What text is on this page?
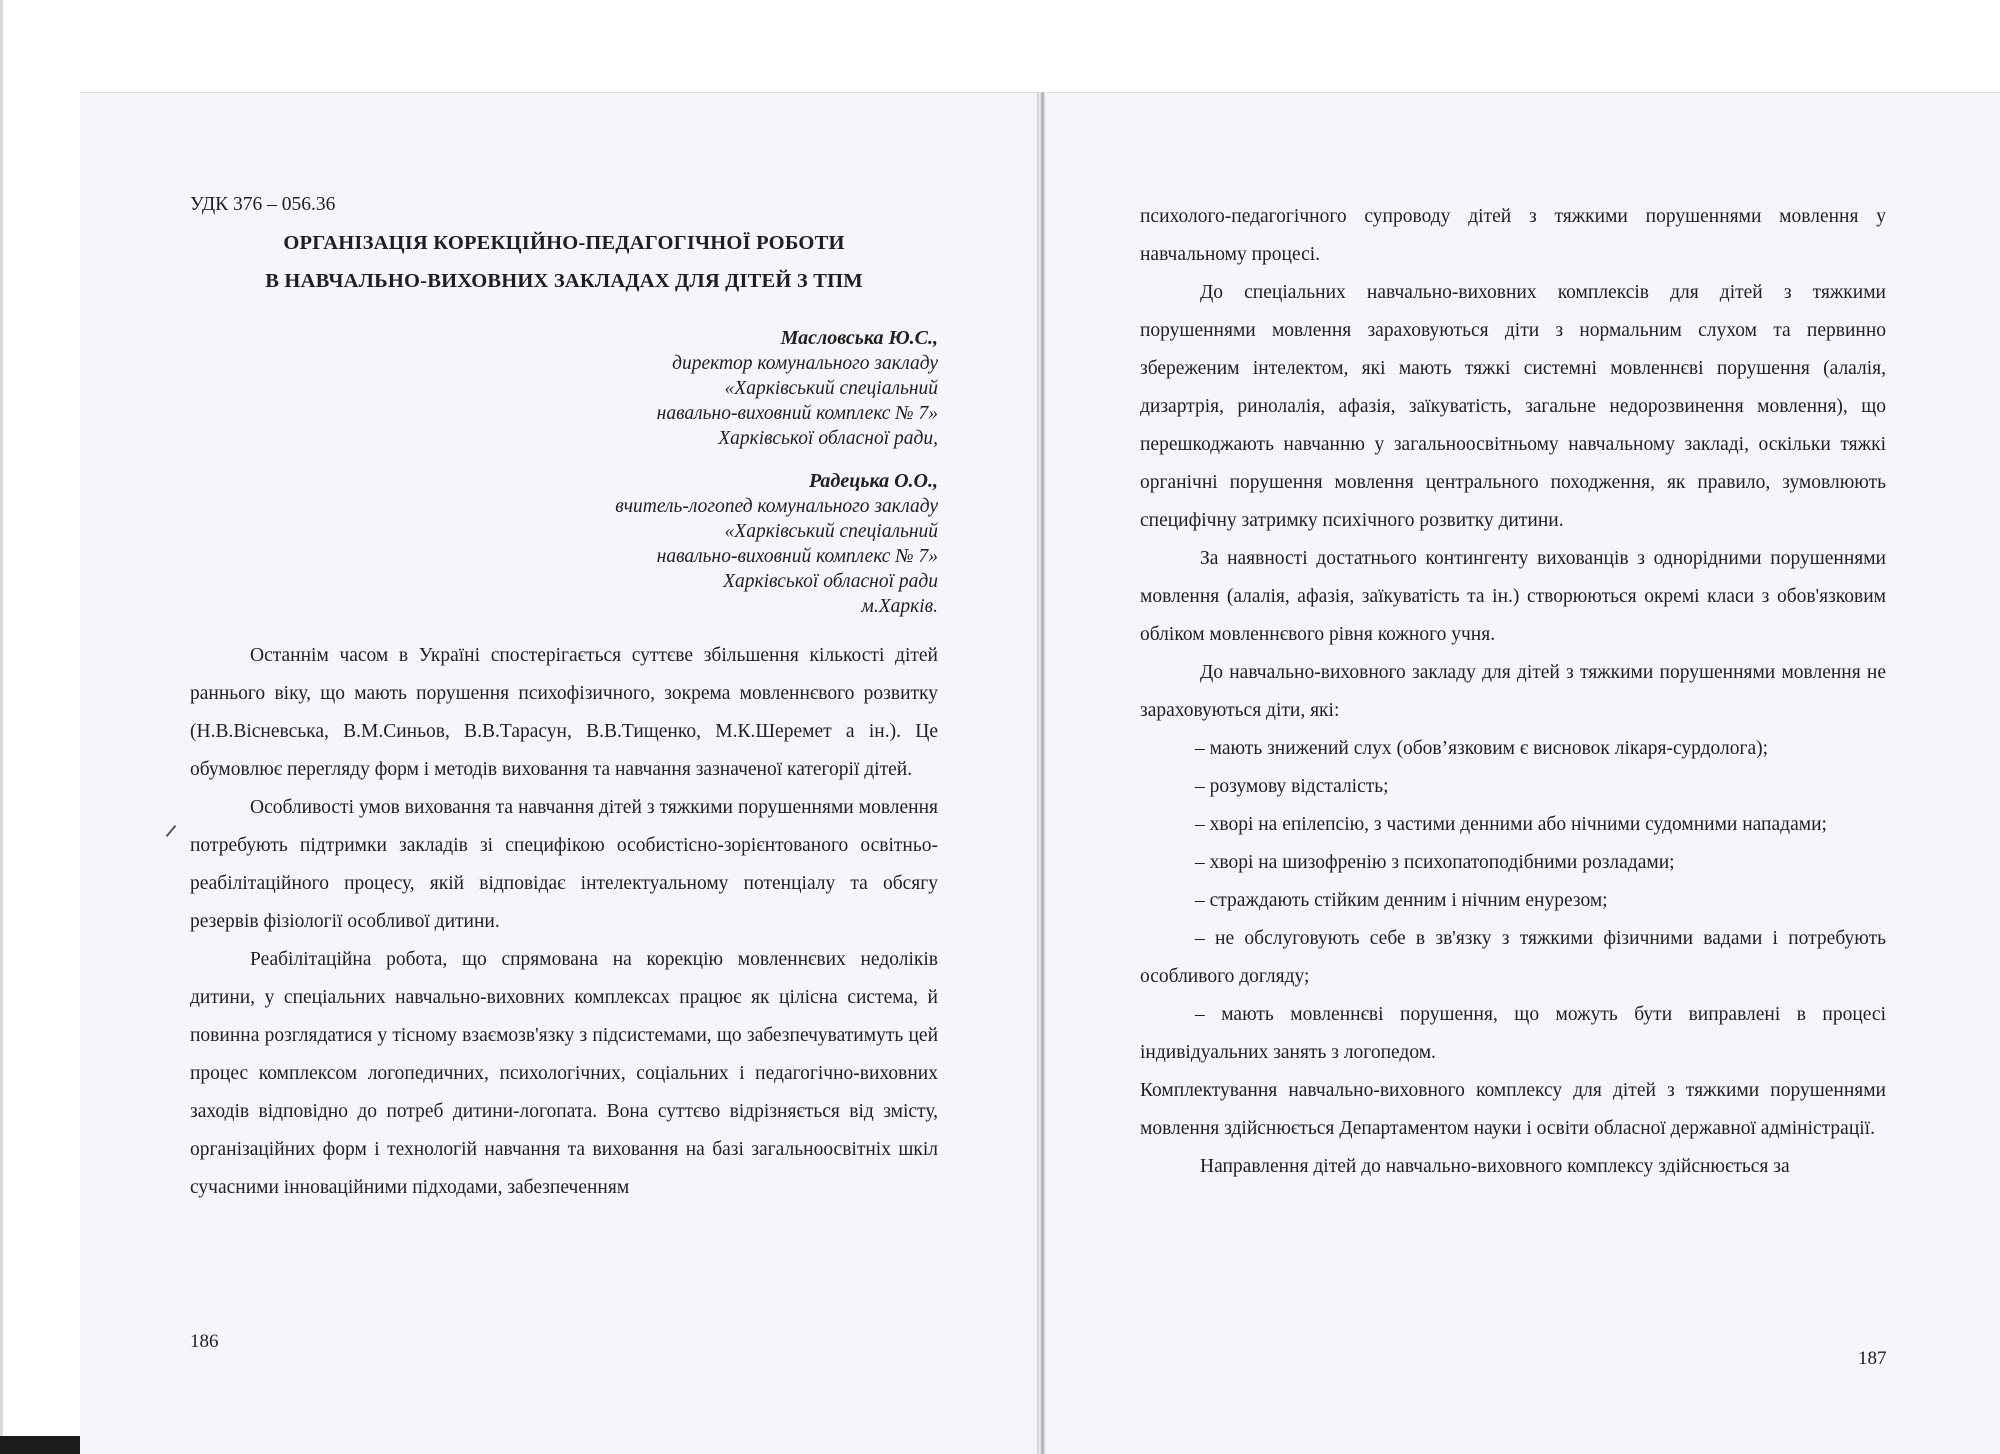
УДК 376 – 056.36
ОРГАНІЗАЦІЯ КОРЕКЦІЙНО-ПЕДАГОГІЧНОЇ РОБОТИ
В НАВЧАЛЬНО-ВИХОВНИХ ЗАКЛАДАХ ДЛЯ ДІТЕЙ З ТПМ
Масловська Ю.С.,
директор комунального закладу
«Харківський спеціальний
навально-виховний комплекс № 7»
Харківської обласної ради,
Радецька О.О.,
вчитель-логопед комунального закладу
«Харківський спеціальний
навально-виховний комплекс № 7»
Харківської обласної ради
м.Харків.

Останнім часом в Україні спостерігається суттєве збільшення кількості дітей раннього віку, що мають порушення психофізичного, зокрема мовленнєвого розвитку (Н.В.Вісневська, В.М.Синьов, В.В.Тарасун, В.В.Тищенко, М.К.Шеремет а ін.). Це обумовлює перегляду форм і методів виховання та навчання зазначеної категорії дітей.

Особливості умов виховання та навчання дітей з тяжкими порушеннями мовлення потребують підтримки закладів зі специфікою особистісно-зорієнтованого освітньо-реабілітаційного процесу, якій відповідає інтелектуальному потенціалу та обсягу резервів фізіології особливої дитини.

Реабілітаційна робота, що спрямована на корекцію мовленнєвих недоліків дитини, у спеціальних навчально-виховних комплексах працює як цілісна система, й повинна розглядатися у тісному взаємозв'язку з підсистемами, що забезпечуватимуть цей процес комплексом логопедичних, психологічних, соціальних і педагогічно-виховних заходів відповідно до потреб дитини-логопата. Вона суттєво відрізняється від змісту, організаційних форм і технологій навчання та виховання на базі загальноосвітніх шкіл сучасними інноваційними підходами, забезпеченням

186

психолого-педагогічного супроводу дітей з тяжкими порушеннями мовлення у навчальному процесі.

До спеціальних навчально-виховних комплексів для дітей з тяжкими порушеннями мовлення зараховуються діти з нормальним слухом та первинно збереженим інтелектом, які мають тяжкі системні мовленнєві порушення (алалія, дизартрія, ринолалія, афазія, заїкуватість, загальне недорозвинення мовлення), що перешкоджають навчанню у загальноосвітньому навчальному закладі, оскільки тяжкі органічні порушення мовлення центрального походження, як правило, зумовлюють специфічну затримку психічного розвитку дитини.

За наявності достатнього контингенту вихованців з однорідними порушеннями мовлення (алалія, афазія, заїкуватість та ін.) створюються окремі класи з обов'язковим обліком мовленнєвого рівня кожного учня.

До навчально-виховного закладу для дітей з тяжкими порушеннями мовлення не зараховуються діти, які:

– мають знижений слух (обов’язковим є висновок лікаря-сурдолога);

– розумову відсталість;

– хворі на епілепсію, з частими денними або нічними судомними нападами;

– хворі на шизофренію з психопатоподібними розладами;

– страждають стійким денним і нічним енурезом;

– не обслуговують себе в зв'язку з тяжкими фізичними вадами і потребують особливого догляду;

– мають мовленнєві порушення, що можуть бути виправлені в процесі індивідуальних занять з логопедом.

Комплектування навчально-виховного комплексу для дітей з тяжкими порушеннями мовлення здійснюється Департаментом науки і освіти обласної державної адміністрації.

Направлення дітей до навчально-виховного комплексу здійснюється за

187
